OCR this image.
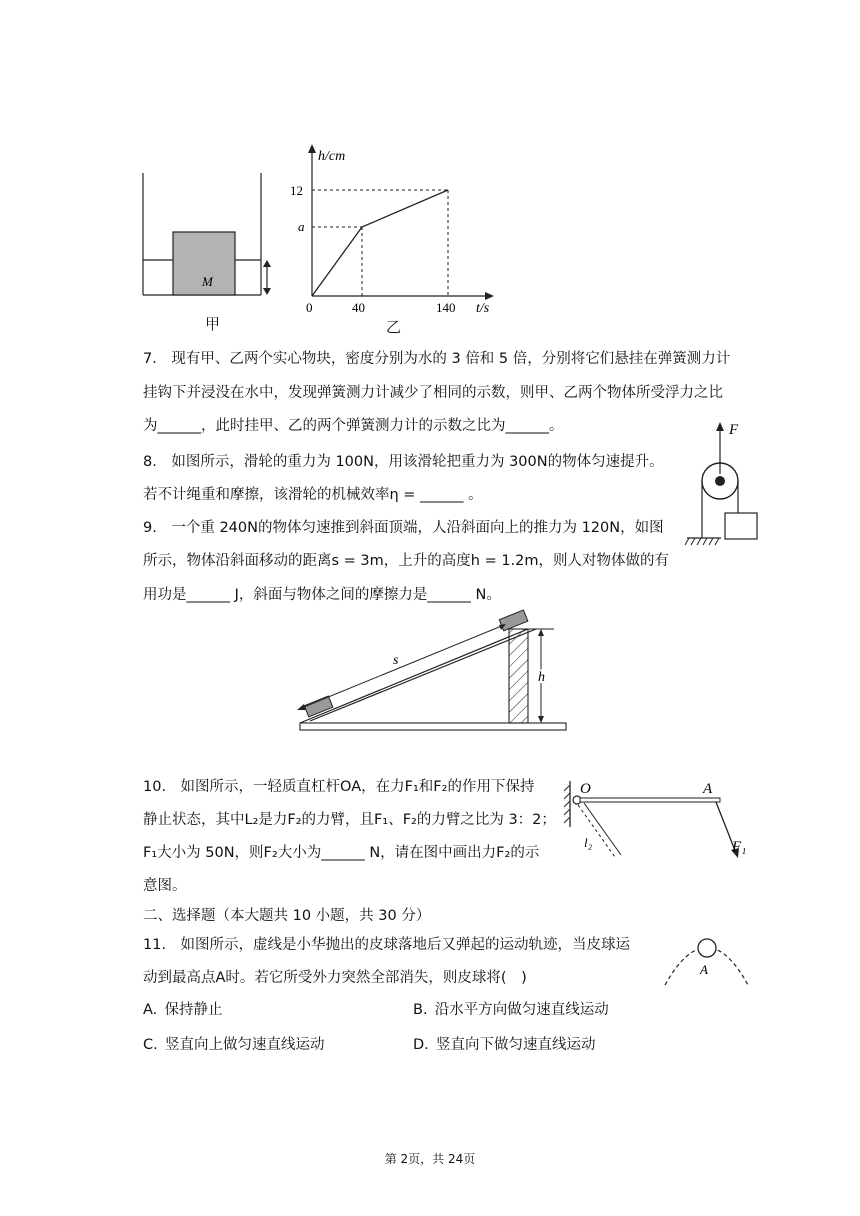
M
甲
h/cm
t/s
12
a
0	40	140
乙
7. 现有甲、乙两个实心物块，密度分别为水的 3 倍和 5 倍，分别将它们悬挂在弹簧测力计
挂钩下并浸没在水中，发现弹簧测力计减少了相同的示数，则甲、乙两个物体所受浮力之比
为______，此时挂甲、乙的两个弹簧测力计的示数之比为______。
8. 如图所示，滑轮的重力为 100N，用该滑轮把重力为 300N的物体匀速提升。
若不计绳重和摩擦，该滑轮的机械效率η = ______ 。
F
9. 一个重 240N的物体匀速推到斜面顶端，人沿斜面向上的推力为 120N，如图
所示，物体沿斜面移动的距离s = 3m，上升的高度h = 1.2m，则人对物体做的有
用功是______ J，斜面与物体之间的摩擦力是______ N。
s
h
10. 如图所示，一轻质直杠杆OA，在力F₁和F₂的作用下保持
静止状态，其中L₂是力F₂的力臂，且F₁、F₂的力臂之比为 3：2；
F₁大小为 50N，则F₂大小为______ N，请在图中画出力F₂的示
意图。
O	A
F₁
l₂
二、选择题（本大题共 10 小题，共 30 分）
11. 如图所示，虚线是小华抛出的皮球落地后又弹起的运动轨迹，当皮球运
动到最高点A时。若它所受外力突然全部消失，则皮球将( )
A
A. 保持静止	B. 沿水平方向做匀速直线运动
C. 竖直向上做匀速直线运动	D. 竖直向下做匀速直线运动
第 2页，共 24页
